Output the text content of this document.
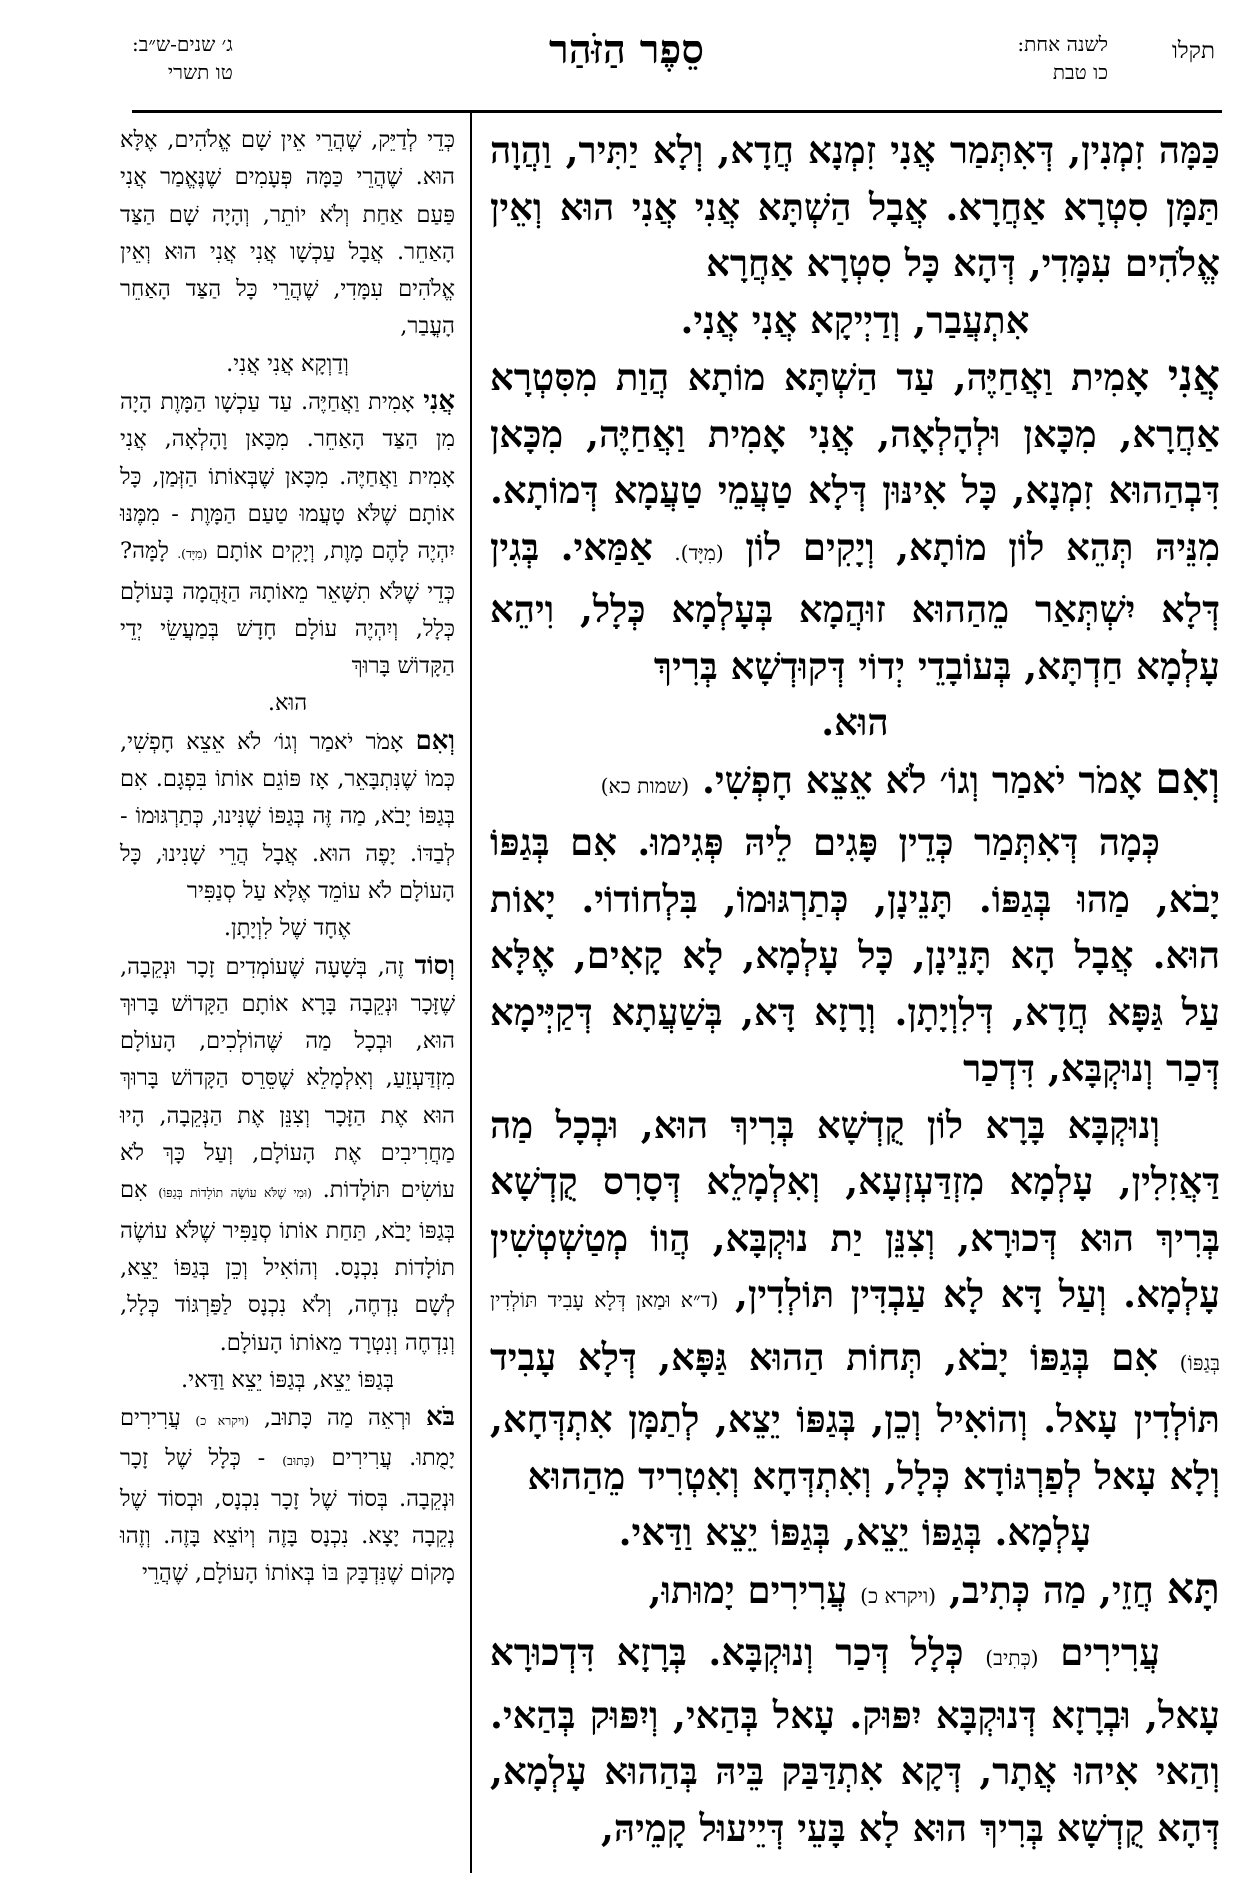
תקלו
לשנה אחת:
כו טבת
סֵפֶר הַזֹּהַר
ג׳ שנים-ש״ב:
טו תשרי

כַּמָּה זִמְנִין, דְּאִתְּמַר אֲנִי זִמְנָא חֲדָא, וְלָא יַתִּיר, וַהֲוָה תַּמָּן סִטְרָא אַחֲרָא. אֲבָל הַשְׁתָּא אֲנִי אֲנִי הוּא וְאֵין אֱלֹהִים עִמָּדִי, דְּהָא כָּל סִטְרָא אַחֲרָא

אִתְעֲבַר, וְדַיְיקָא אֲנִי אֲנִי.

אֲנִי אָמִית וַאֲחַיֶּה, עַד הַשְׁתָּא מוֹתָא הֲוַת מִסִּטְרָא אַחֲרָא, מִכָּאן וּלְהָלְאָה, אֲנִי אָמִית וַאֲחַיֶּה, מִכָּאן דִּבְהַהוּא זִמְנָא, כָּל אִינּוּן דְּלָא טַעֲמֵי טַעֲמָא דְּמוֹתָא. מִנֵּיהּ תְּהֵא לוֹן מוֹתָא, וְיָקִים לוֹן (מִיָּד). אַמַּאי. בְּגִין דְּלָא יִשְׁתְּאַר מֵהַהוּא זוּהֲמָא בְּעָלְמָא כְּלָל, וִיהֵא עָלְמָא חַדְתָּא, בְּעוֹבָדֵי יְדוֹי דְּקוּדְשָׁא בְּרִיךְ

הוּא.

וְאִם אָמֹר יֹאמַר וְגוֹ׳ לֹא אֵצֵא חָפְשִׁי. (שמות כא)

כְּמָה דְּאִתְּמַר כְּדֵין פָּגִים לֵיהּ פְּגִימוּ. אִם בְּגַפּוֹ יָבֹא, מַהוּ בְּגַפּוֹ. תָּנֵינָן, כְּתַרְגּוּמוֹ, בִּלְחוֹדוֹי. יָאוֹת הוּא. אֲבָל הָא תָּנֵינָן, כָּל עָלְמָא, לָא קָאִים, אֶלָּא עַל גַּפָּא חֲדָא, דְּלִוְיָתָן. וְרָזָא דָּא, בְּשַׁעֲתָא דְּקַיְּימָא דְּכַר וְנוּקְבָּא, דִּדְכַר

וְנוּקְבָּא בָּרָא לוֹן קֻדְשָׁא בְּרִיךְ הוּא, וּבְכָל מַה דַּאֲזִלִין, עָלְמָא מִזְדַּעְזְעָא, וְאִלְמָלֵא דְּסָרִס קֻדְשָׁא בְּרִיךְ הוּא דְּכוּרָא, וְצִנֵּן יַת נוּקְבָּא, הֲווֹ מְטַשְׁטְשִׁין עָלְמָא. וְעַל דָּא לָא עַבְדִּין תּוֹלְדִין, (ד״א וּמַאן דְּלָא עָבִיד תּוֹלְדִין בְּגַפּוֹ) אִם בְּגַפּוֹ יָבֹא, תְּחוֹת הַהוּא גַּפָּא, דְּלָא עָבִיד תּוֹלְדִין עָאל. וְהוֹאִיל וְכֵן, בְּגַפּוֹ יֵצֵא, לְתַמָּן אִתְדְּחָא, וְלָא עָאל לְפַרְגּוֹדָא כְּלָל, וְאִתְדְּחָא וְאִטְרִיד מֵהַהוּא

עָלְמָא. בְּגַפּוֹ יֵצֵא, בְּגַפּוֹ יֵצֵא וַדַּאי.

תָּא חֲזֵי, מַה כְּתִיב, (ויקרא כ) עֲרִירִים יָמוּתוּ,

עֲרִירִים (כְּתִיב) כְּלָל דְּכַר וְנוּקְבָּא. בְּרָזָא דִּדְכוּרָא עָאל, וּבְרָזָא דְּנוּקְבָּא יִפּוּק. עָאל בְּהַאי, וְיִפּוּק בְּהַאי. וְהַאי אִיהוּ אֲתָר, דְּקָא אִתְדַּבַּק בֵּיהּ בְּהַהוּא עָלְמָא, דְּהָא קֻדְשָׁא בְּרִיךְ הוּא לָא בָּעֵי דְּיֵיעוּל קָמֵיהּ,

כְּדֵי לְדַיֵּק, שֶׁהֲרֵי אֵין שָׁם אֱלֹהִים, אֶלָּא הוּא. שֶׁהֲרֵי כַּמָּה פְּעָמִים שֶׁנֶּאֱמַר אֲנִי פַּעַם אַחַת וְלֹא יוֹתֵר, וְהָיָה שָׁם הַצַּד הָאַחֵר. אֲבָל עַכְשָׁו אֲנִי אֲנִי הוּא וְאֵין אֱלֹהִים עִמָּדִי, שֶׁהֲרֵי כָּל הַצַּד הָאַחֵר הָעֳבַר,

וְדַוְקָא אֲנִי אֲנִי.

אֲנִי אָמִית וַאֲחַיֶּה. עַד עַכְשָׁו הַמָּוֶת הָיָה מִן הַצַּד הָאַחֵר. מִכָּאן וָהָלְאָה, אֲנִי אָמִית וַאֲחַיֶּה. מִכָּאן שֶׁבְּאוֹתוֹ הַזְּמַן, כָּל אוֹתָם שֶׁלֹּא טָעֲמוּ טַעַם הַמָּוֶת - מִמֶּנּוּ יִהְיֶה לָהֶם מָוֶת, וְיָקִים אוֹתָם (מִיָּד). לָמָּה? כְּדֵי שֶׁלֹּא תִשָּׁאֵר מֵאוֹתָהּ הַזֻּהֲמָה בָּעוֹלָם כְּלָל, וְיִהְיֶה עוֹלָם חָדָשׁ בְּמַעֲשֵׂי יְדֵי הַקָּדוֹשׁ בָּרוּךְ

הוּא.

וְאִם אָמֹר יֹאמַר וְגוֹ׳ לֹא אֵצֵא חָפְשִׁי, כְּמוֹ שֶׁנִּתְבָּאֵר, אָז פּוֹגֵם אוֹתוֹ בִּפְגָם. אִם בְּגַפּוֹ יָבֹא, מַה זֶּה בְּגַפּוֹ שֶׁנִּינוּ, כְּתַרְגּוּמוֹ - לְבַדּוֹ. יָפֶה הוּא. אֲבָל הֲרֵי שָׁנִינוּ, כָּל הָעוֹלָם לֹא עוֹמֵד אֶלָּא עַל סְנַפִּיר

אֶחָד שֶׁל לִוְיָתָן.

וְסוֹד זֶה, בְּשָׁעָה שֶׁעוֹמְדִים זָכָר וּנְקֵבָה, שֶׁזָּכָר וּנְקֵבָה בָּרָא אוֹתָם הַקָּדוֹשׁ בָּרוּךְ הוּא, וּבְכָל מַה שֶּׁהוֹלְכִים, הָעוֹלָם מִזְדַּעְזֵעַ, וְאִלְמָלֵא שֶׁסֵּרֵס הַקָּדוֹשׁ בָּרוּךְ הוּא אֶת הַזָּכָר וְצִנֵּן אֶת הַנְּקֵבָה, הָיוּ מַחֲרִיבִים אֶת הָעוֹלָם, וְעַל כָּךְ לֹא עוֹשִׂים תּוֹלָדוֹת. (וּמִי שֶׁלֹּא עוֹשֶׂה תוֹלָדוֹת בְּגַפּוֹ) אִם בְּגַפּוֹ יָבֹא, תַּחַת אוֹתוֹ סְנַפִּיר שֶׁלֹּא עוֹשֶׂה תוֹלָדוֹת נִכְנָס. וְהוֹאִיל וְכֵן בְּגַפּוֹ יֵצֵא, לְשָׁם נִדְחֶה, וְלֹא נִכְנָס לַפַּרְגּוֹד כְּלָל, וְנִדְחֶה וְנִטְרָד מֵאוֹתוֹ הָעוֹלָם.

בְּגַפּוֹ יֵצֵא, בְּגַפּוֹ יֵצֵא וַדַּאי.

בֹּא וּרְאֵה מַה כָּתוּב, (ויקרא כ) עֲרִירִים יָמֻתוּ. עֲרִירִים (כָּתוּב) - כְּלָל שֶׁל זָכָר וּנְקֵבָה. בְּסוֹד שֶׁל זָכָר נִכְנָס, וּבְסוֹד שֶׁל נְקֵבָה יָצָא. נִכְנָס בָּזֶה וְיוֹצֵא בָּזֶה. וְזֶהוּ מָקוֹם שֶׁנִּדְבָּק בּוֹ בְּאוֹתוֹ הָעוֹלָם, שֶׁהֲרֵי
